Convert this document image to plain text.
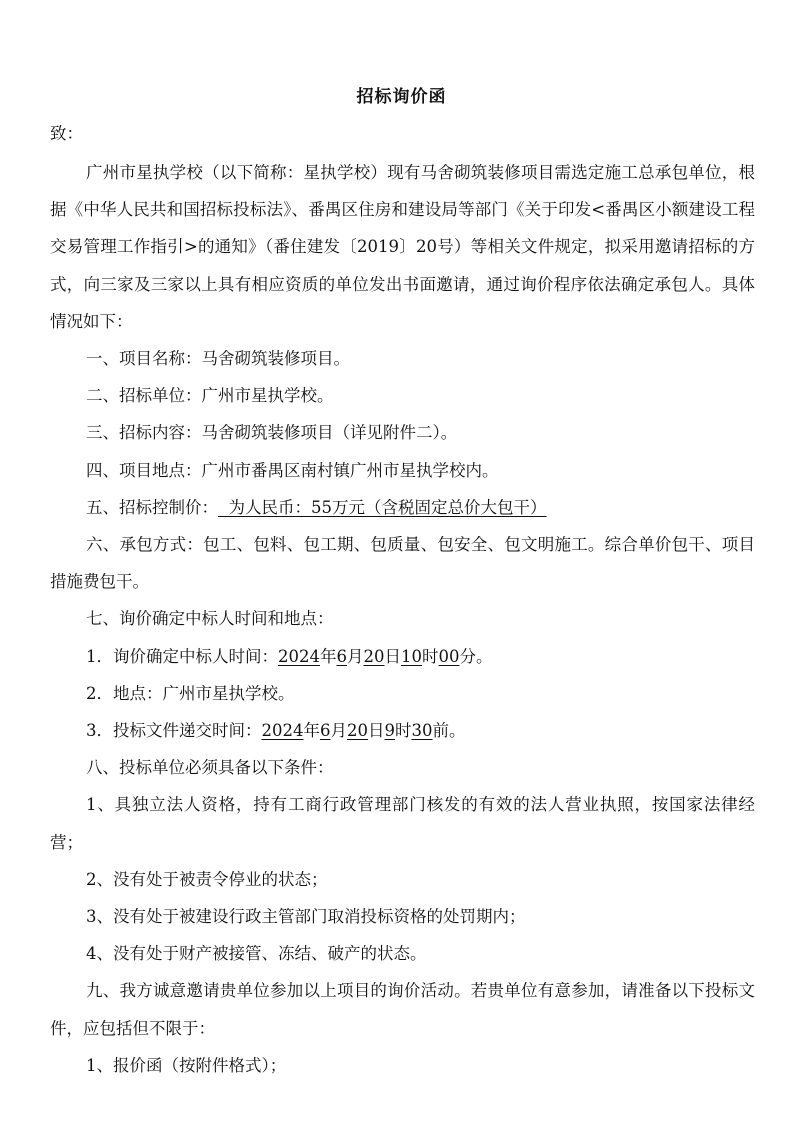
招标询价函
致：

广州市星执学校（以下简称：星执学校）现有马舍砌筑装修项目需选定施工总承包单位，根据《中华人民共和国招标投标法》、番禺区住房和建设局等部门《关于印发<番禺区小额建设工程交易管理工作指引>的通知》（番住建发〔2019〕20号）等相关文件规定，拟采用邀请招标的方式，向三家及三家以上具有相应资质的单位发出书面邀请，通过询价程序依法确定承包人。具体情况如下：

一、项目名称：马舍砌筑装修项目。

二、招标单位：广州市星执学校。

三、招标内容：马舍砌筑装修项目（详见附件二）。

四、项目地点：广州市番禺区南村镇广州市星执学校内。

五、招标控制价：  为人民币：55万元（含税固定总价大包干）

六、承包方式：包工、包料、包工期、包质量、包安全、包文明施工。综合单价包干、项目措施费包干。

七、询价确定中标人时间和地点：

1．询价确定中标人时间：2024年6月20日10时00分。

2．地点：广州市星执学校。

3．投标文件递交时间：2024年6月20日9时30前。

八、投标单位必须具备以下条件：

1、具独立法人资格，持有工商行政管理部门核发的有效的法人营业执照，按国家法律经营；

2、没有处于被责令停业的状态；

3、没有处于被建设行政主管部门取消投标资格的处罚期内；

4、没有处于财产被接管、冻结、破产的状态。

九、我方诚意邀请贵单位参加以上项目的询价活动。若贵单位有意参加，请准备以下投标文件，应包括但不限于：

1、报价函（按附件格式）；
